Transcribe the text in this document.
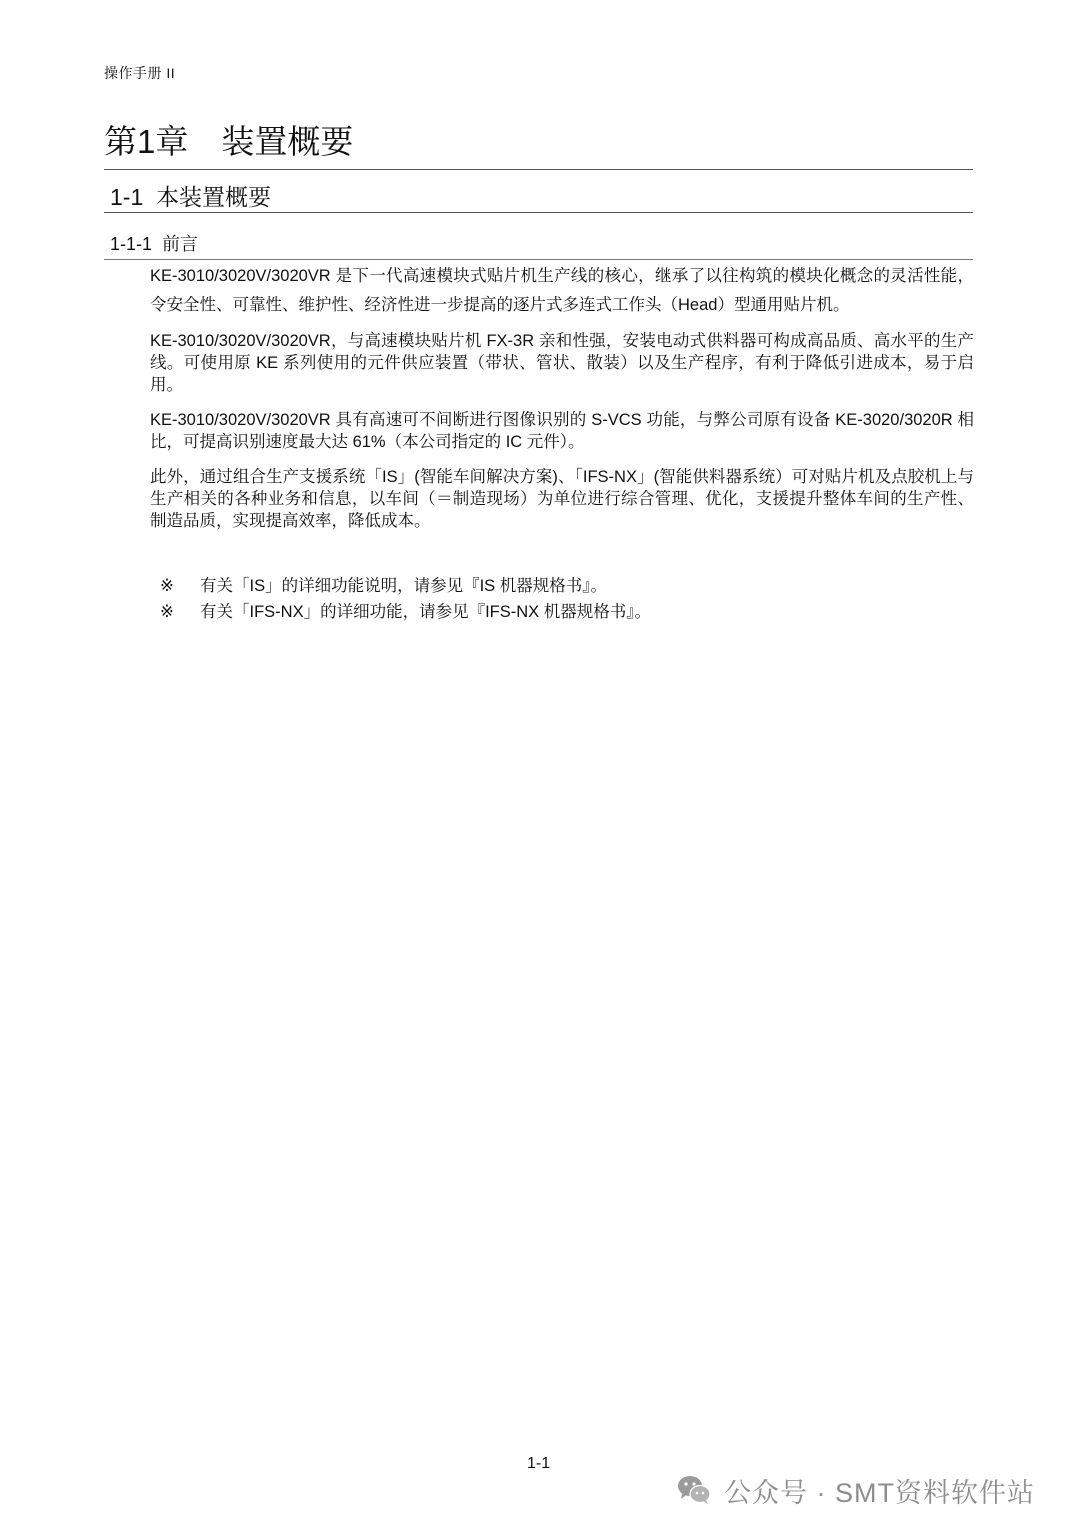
操作手册 II
第1章　装置概要
1-1  本装置概要
1-1-1  前言

KE-3010/3020V/3020VR 是下一代高速模块式贴片机生产线的核心，继承了以往构筑的模块化概念的灵活性能，令安全性、可靠性、维护性、经济性进一步提高的逐片式多连式工作头（Head）型通用贴片机。

KE-3010/3020V/3020VR，与高速模块贴片机 FX-3R 亲和性强，安装电动式供料器可构成高品质、高水平的生产线。可使用原 KE 系列使用的元件供应装置（带状、管状、散装）以及生产程序，有利于降低引进成本，易于启用。

KE-3010/3020V/3020VR 具有高速可不间断进行图像识别的 S-VCS 功能，与弊公司原有设备 KE-3020/3020R 相比，可提高识别速度最大达 61%（本公司指定的 IC 元件）。

此外，通过组合生产支援系统「IS」(智能车间解决方案)、「IFS-NX」(智能供料器系统）可对贴片机及点胶机上与生产相关的各种业务和信息，以车间（＝制造现场）为单位进行综合管理、优化，支援提升整体车间的生产性、制造品质，实现提高效率，降低成本。

※	有关「IS」的详细功能说明，请参见『IS 机器规格书』。
※	有关「IFS-NX」的详细功能，请参见『IFS-NX 机器规格书』。
1-1
公众号 · SMT资料软件站
